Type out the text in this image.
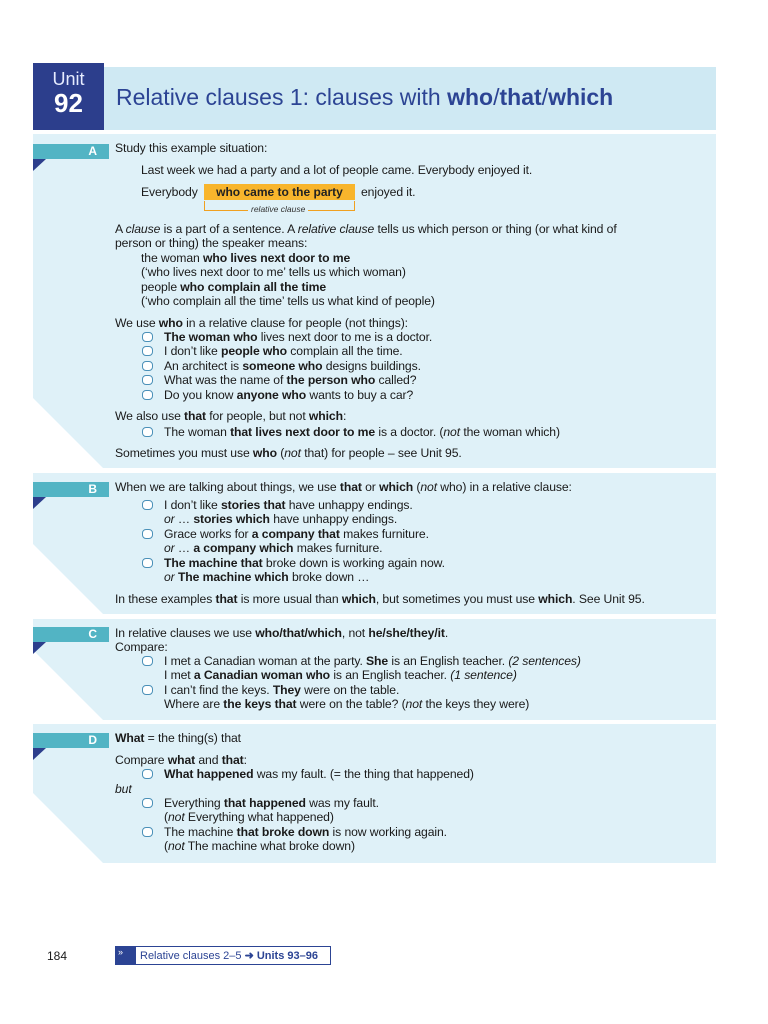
Unit
92	Relative clauses 1: clauses with who/that/which
A	Study this example situation:
Last week we had a party and a lot of people came. Everybody enjoyed it.
Everybody	who came to the party
relative clause
enjoyed it.
A clause is a part of a sentence. A relative clause tells us which person or thing (or what kind of
person or thing) the speaker means:
the woman who lives next door to me
(‘who lives next door to me’ tells us which woman)
people who complain all the time
(‘who complain all the time’ tells us what kind of people)
We use who in a relative clause for people (not things):
The woman who lives next door to me is a doctor.
I don’t like people who complain all the time.
An architect is someone who designs buildings.
What was the name of the person who called?
Do you know anyone who wants to buy a car?
We also use that for people, but not which:
The woman that lives next door to me is a doctor. (not the woman which)
Sometimes you must use who (not that) for people – see Unit 95.
B	When we are talking about things, we use that or which (not who) in a relative clause:
I don’t like stories that have unhappy endings.
or … stories which have unhappy endings.
Grace works for a company that makes furniture.
or … a company which makes furniture.
The machine that broke down is working again now.
or The machine which broke down …
In these examples that is more usual than which, but sometimes you must use which. See Unit 95.
C	In relative clauses we use who/that/which, not he/she/they/it.
Compare:
I met a Canadian woman at the party. She is an English teacher. (2 sentences)
I met a Canadian woman who is an English teacher. (1 sentence)
I can’t find the keys. They were on the table.
Where are the keys that were on the table? (not the keys they were)
D	What = the thing(s) that
Compare what and that:
What happened was my fault. (= the thing that happened)
but
Everything that happened was my fault.
(not Everything what happened)
The machine that broke down is now working again.
(not The machine what broke down)
184	»	Relative clauses 2–5 ➜ Units 93–96
